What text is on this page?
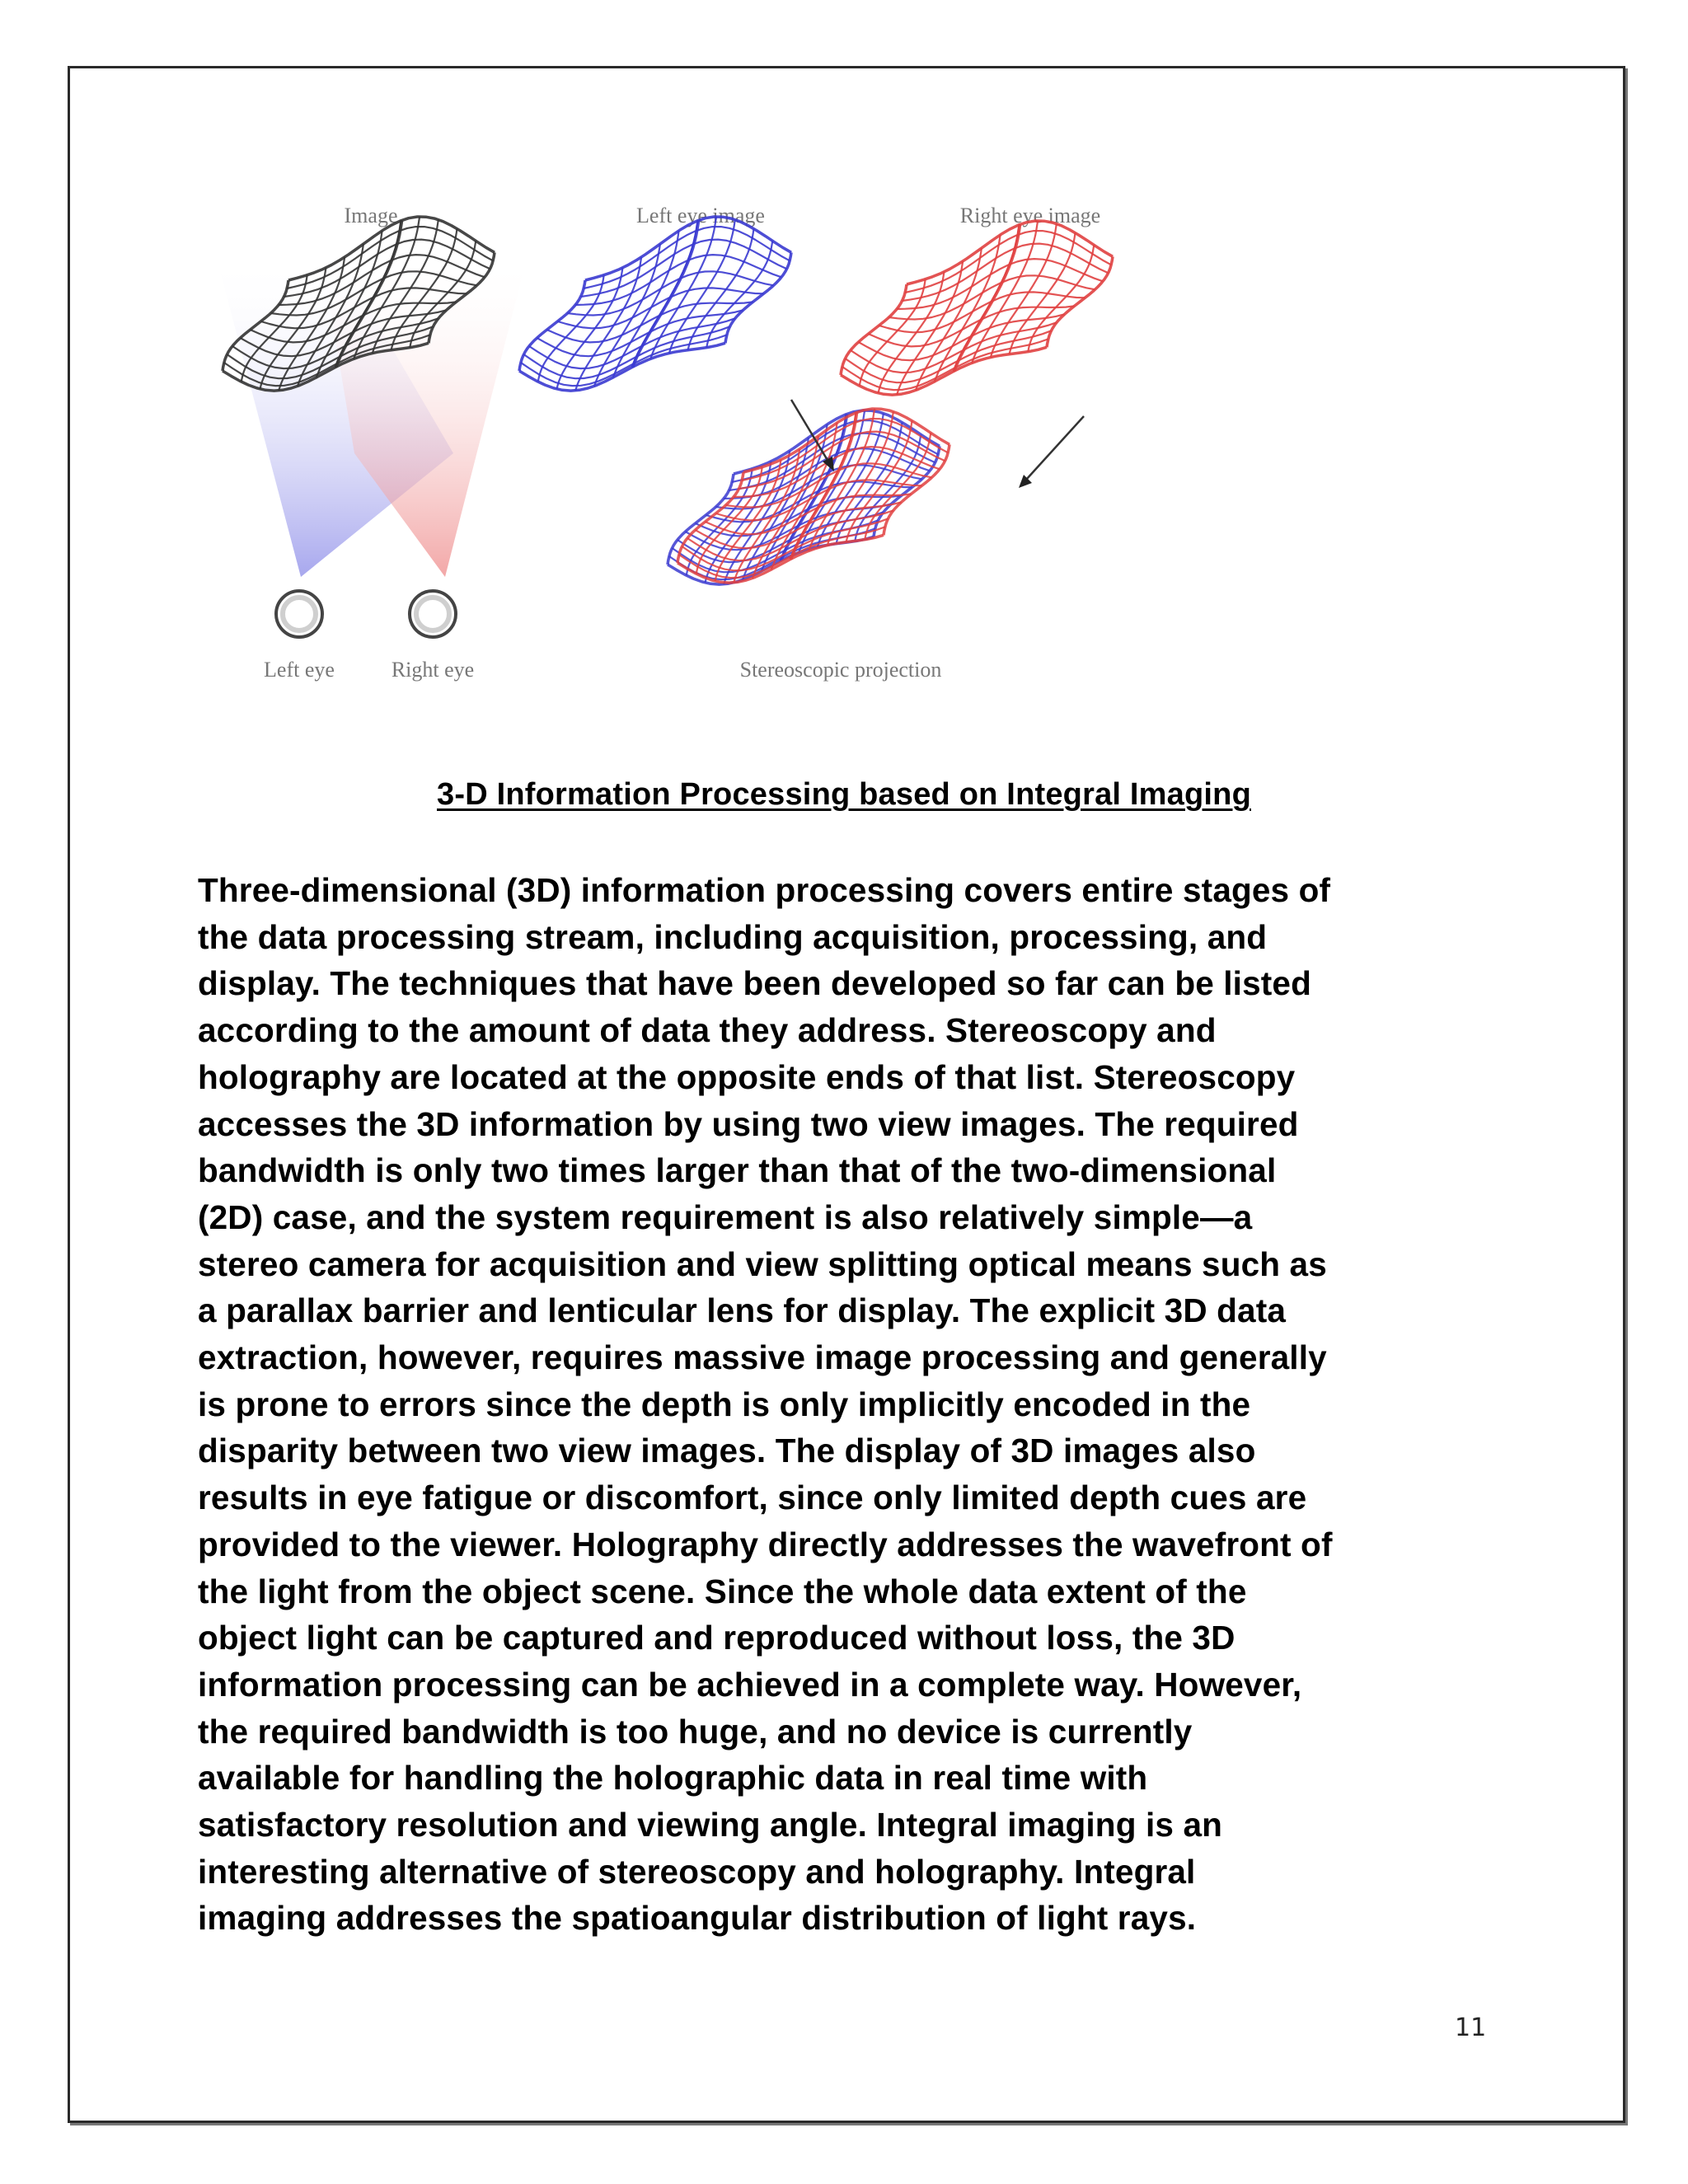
Image	Left eye image	Right eye image
Left eye	Right eye	Stereoscopic projection
3-D Information Processing based on Integral Imaging
Three-dimensional (3D) information processing covers entire stages of
the data processing stream, including acquisition, processing, and
display. The techniques that have been developed so far can be listed
according to the amount of data they address. Stereoscopy and
holography are located at the opposite ends of that list. Stereoscopy
accesses the 3D information by using two view images. The required
bandwidth is only two times larger than that of the two-dimensional
(2D) case, and the system requirement is also relatively simple—a
stereo camera for acquisition and view splitting optical means such as
a parallax barrier and lenticular lens for display. The explicit 3D data
extraction, however, requires massive image processing and generally
is prone to errors since the depth is only implicitly encoded in the
disparity between two view images. The display of 3D images also
results in eye fatigue or discomfort, since only limited depth cues are
provided to the viewer. Holography directly addresses the wavefront of
the light from the object scene. Since the whole data extent of the
object light can be captured and reproduced without loss, the 3D
information processing can be achieved in a complete way. However,
the required bandwidth is too huge, and no device is currently
available for handling the holographic data in real time with
satisfactory resolution and viewing angle. Integral imaging is an
interesting alternative of stereoscopy and holography. Integral
imaging addresses the spatioangular distribution of light rays.
11
